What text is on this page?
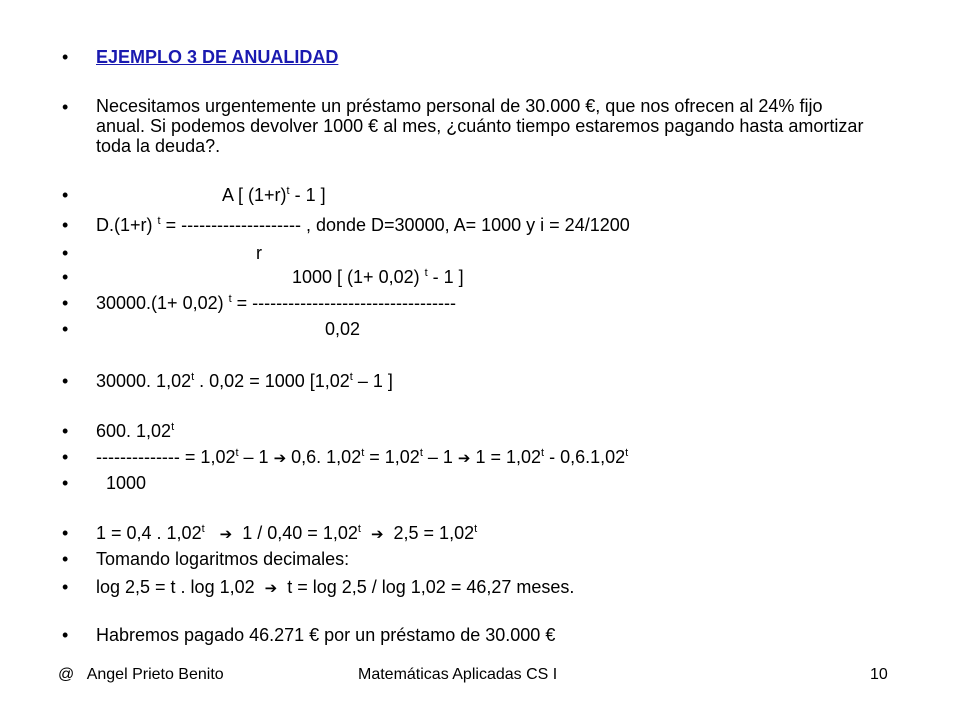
• EJEMPLO 3 DE ANUALIDAD
• Necesitamos urgentemente un préstamo personal de 30.000 €, que nos ofrecen al 24% fijo anual. Si podemos devolver 1000 € al mes, ¿cuánto tiempo estaremos pagando hasta amortizar toda la deuda?.
•	A [ $(1+r)^t - 1$ ]
• D.(1+r) $^t$ = -------------------- , donde D=30000, A= 1000 y i = 24/1200
•	r
•	1000 [ (1+ 0,02) $^t$ - 1 ]
• 30000.(1+ 0,02) $^t$ = ----------------------------------
•	0,02
• 30000. 1,02$^t$ . 0,02 = 1000 [1,02$^t$ – 1 ]
• 600. 1,02$^t$
• -------------- = $1,02^t - 1$ ➔ 0,6. $1,02^t = 1,02^t - 1$ ➔ $1 = 1,02^t - 0,6.1,02^t$
• 1000
• 1 = 0,4 . 1,02$^t$ ➔  $1 / 0,40 = 1,02^t$ ➔  $2,5 = 1,02^t$
• Tomando logaritmos decimales:
• log 2,5 = t . log 1,02  ➔  t = log 2,5 / log 1,02 = 46,27 meses.
• Habremos pagado 46.271 € por un préstamo de 30.000 €
@   Angel Prieto Benito	Matemáticas Aplicadas CS I	10
